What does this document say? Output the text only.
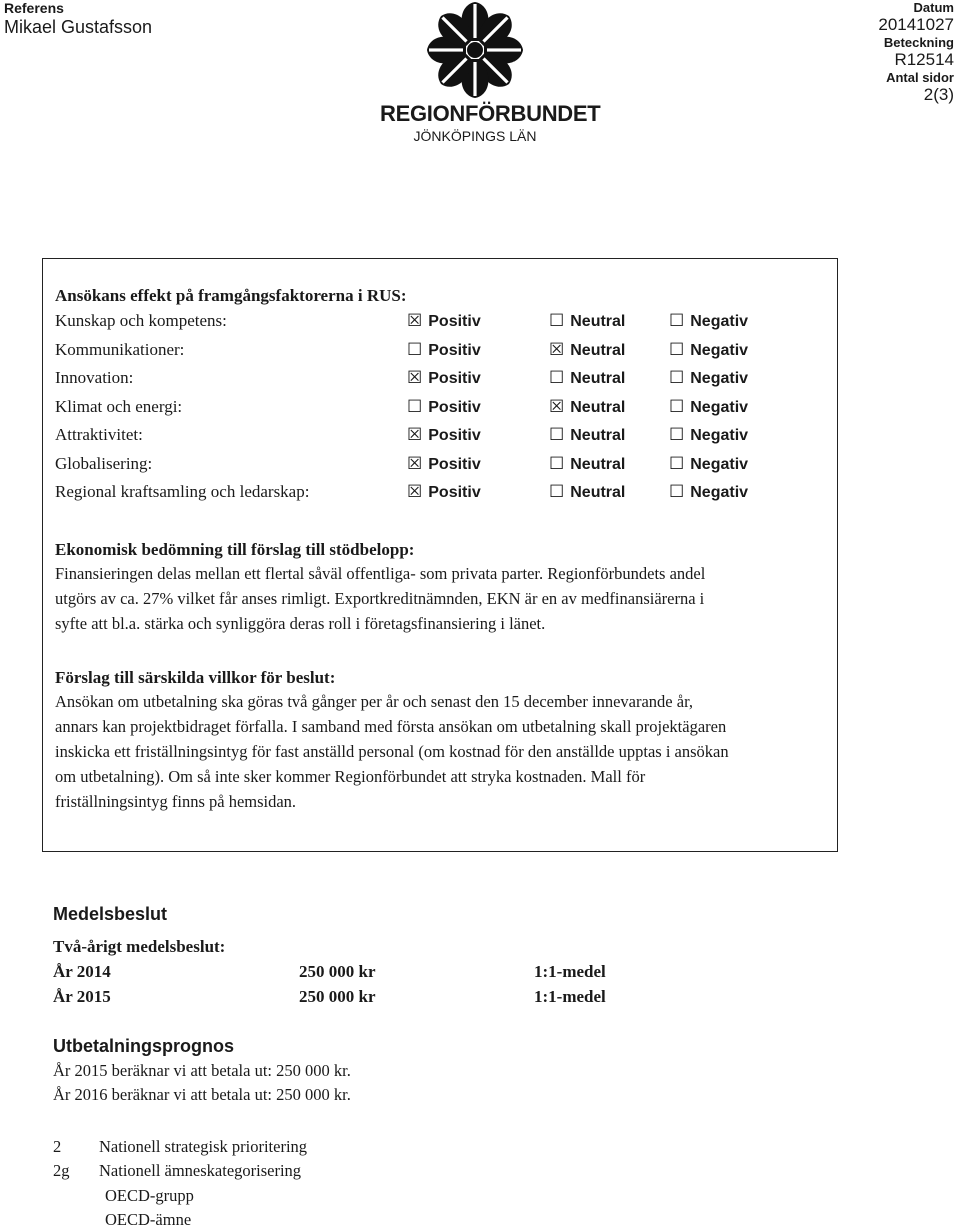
Referens
Mikael Gustafsson
REGIONFÖRBUNDET
JÖNKÖPINGS LÄN
Datum
20141027
Beteckning
R12514
Antal sidor
2(3)
Ansökans effekt på framgångsfaktorerna i RUS:
Kunskap och kompetens:	☒ Positiv	☐ Neutral	☐ Negativ
Kommunikationer:	☐ Positiv	☒ Neutral	☐ Negativ
Innovation:	☒ Positiv	☐ Neutral	☐ Negativ
Klimat och energi:	☐ Positiv	☒ Neutral	☐ Negativ
Attraktivitet:	☒ Positiv	☐ Neutral	☐ Negativ
Globalisering:	☒ Positiv	☐ Neutral	☐ Negativ
Regional kraftsamling och ledarskap:	☒ Positiv	☐ Neutral	☐ Negativ
Ekonomisk bedömning till förslag till stödbelopp:

Finansieringen delas mellan ett flertal såväl offentliga- som privata parter. Regionförbundets andel

utgörs av ca. 27% vilket får anses rimligt. Exportkreditnämnden, EKN är en av medfinansiärerna i

syfte att bl.a. stärka och synliggöra deras roll i företagsfinansiering i länet.

Förslag till särskilda villkor för beslut:

Ansökan om utbetalning ska göras två gånger per år och senast den 15 december innevarande år,

annars kan projektbidraget förfalla. I samband med första ansökan om utbetalning skall projektägaren

inskicka ett friställningsintyg för fast anställd personal (om kostnad för den anställde upptas i ansökan

om utbetalning). Om så inte sker kommer Regionförbundet att stryka kostnaden. Mall för

friställningsintyg finns på hemsidan.

Medelsbeslut
Två-årigt medelsbeslut:
År 2014	250 000 kr	1:1-medel
År 2015	250 000 kr	1:1-medel
Utbetalningsprognos
År 2015 beräknar vi att betala ut: 250 000 kr.
År 2016 beräknar vi att betala ut: 250 000 kr.
2 Nationell strategisk prioritering
2g Nationell ämneskategorisering
OECD-grupp
OECD-ämne
